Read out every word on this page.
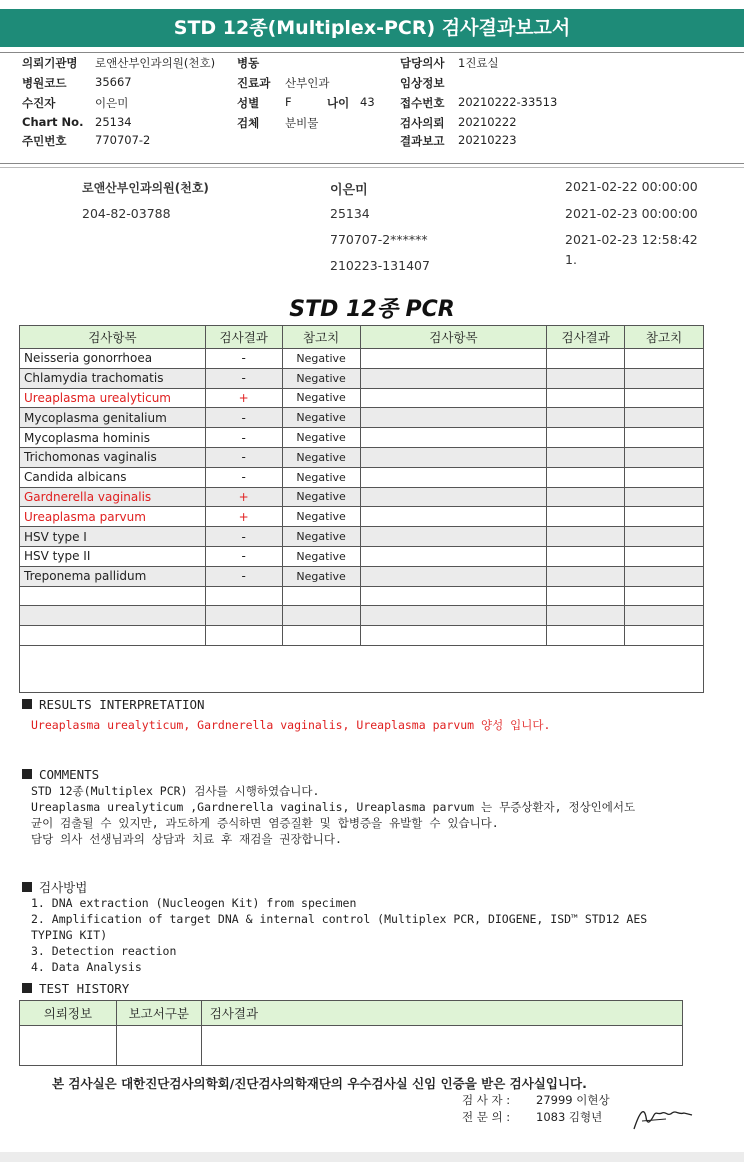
STD 12종(Multiplex-PCR) 검사결과보고서
의뢰기관명 로앤산부인과의원(천호)
병원코드 35667
수진자	이은미
Chart No. 25134
주민번호 770707-2
병동
진료과 산부인과
성별 F	나이 43
검체 분비물
담당의사 1진료실
임상정보
접수번호 20210222-33513
검사의뢰 20210222
결과보고 20210223
로앤산부인과의원(천호)
204-82-03788
이은미
25134
770707-2******
210223-131407
2021-02-22 00:00:00
2021-02-23 00:00:00
2021-02-23 12:58:42
1.
STD 12종 PCR
검사항목	검사결과	참고치	검사항목	검사결과	참고치
Neisseria gonorrhoea	-	Negative			
Chlamydia trachomatis	-	Negative			
Ureaplasma urealyticum	+	Negative			
Mycoplasma genitalium	-	Negative			
Mycoplasma hominis	-	Negative			
Trichomonas vaginalis	-	Negative			
Candida albicans	-	Negative			
Gardnerella vaginalis	+	Negative			
Ureaplasma parvum	+	Negative			
HSV type I	-	Negative			
HSV type II	-	Negative			
Treponema pallidum	-	Negative			

RESULTS INTERPRETATION
Ureaplasma urealyticum, Gardnerella vaginalis, Ureaplasma parvum 양성 입니다.
COMMENTS
STD 12종(Multiplex PCR) 검사를 시행하였습니다.
Ureaplasma urealyticum ,Gardnerella vaginalis, Ureaplasma parvum 는 무증상환자, 정상인에서도
균이 검출될 수 있지만, 과도하게 증식하면 염증질환 및 합병증을 유발할 수 있습니다.
담당 의사 선생님과의 상담과 치료 후 재검을 권장합니다.
검사방법
1. DNA extraction (Nucleogen Kit) from specimen
2. Amplification of target DNA & internal control (Multiplex PCR, DIOGENE, ISD™ STD12 AES
TYPING KIT)
3. Detection reaction
4. Data Analysis
TEST HISTORY
의뢰정보	보고서구분	검사결과

본 검사실은 대한진단검사의학회/진단검사의학재단의 우수검사실 신임 인증을 받은 검사실입니다.
검 사 자 : 27999 이현상
전 문 의 : 1083 김형년
